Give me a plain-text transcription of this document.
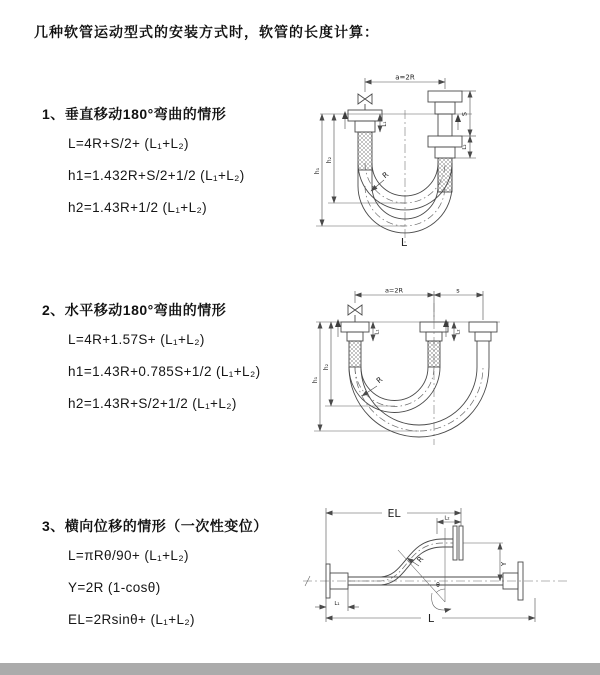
几种软管运动型式的安装方式时，软管的长度计算：
1、垂直移动180°弯曲的情形
L=4R+S/2+ (L₁+L₂)
h1=1.432R+S/2+1/2 (L₁+L₂)
h2=1.43R+1/2 (L₁+L₂)
a=2R
L₁
S
L₂
h₁
h₂
R
L
2、水平移动180°弯曲的情形
L=4R+1.57S+ (L₁+L₂)
h1=1.43R+0.785S+1/2 (L₁+L₂)
h2=1.43R+S/2+1/2 (L₁+L₂)
a=2R	s
L₁	L₂
h₁
h₂
R
3、横向位移的情形（一次性变位）
L=πRθ/90+ (L₁+L₂)
Y=2R (1-cosθ)
EL=2Rsinθ+ (L₁+L₂)
L₁
L
EL	L₂
Y
R
θ
